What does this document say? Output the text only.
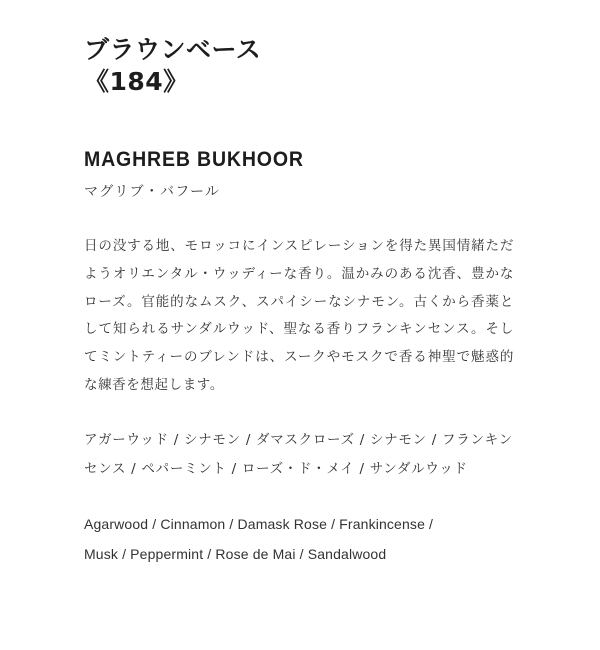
ブラウンベース
《184》
MAGHREB BUKHOOR
マグリブ・バフール

日の没する地、モロッコにインスピレーションを得た異国情緒ただようオリエンタル・ウッディーな香り。温かみのある沈香、豊かなローズ。官能的なムスク、スパイシーなシナモン。古くから香薬として知られるサンダルウッド、聖なる香りフランキンセンス。そしてミントティーのブレンドは、スークやモスクで香る神聖で魅惑的な練香を想起します。

アガーウッド / シナモン / ダマスクローズ / シナモン / フランキンセンス / ペパーミント / ローズ・ド・メイ / サンダルウッド

Agarwood / Cinnamon / Damask Rose / Frankincense /
Musk / Peppermint / Rose de Mai / Sandalwood
